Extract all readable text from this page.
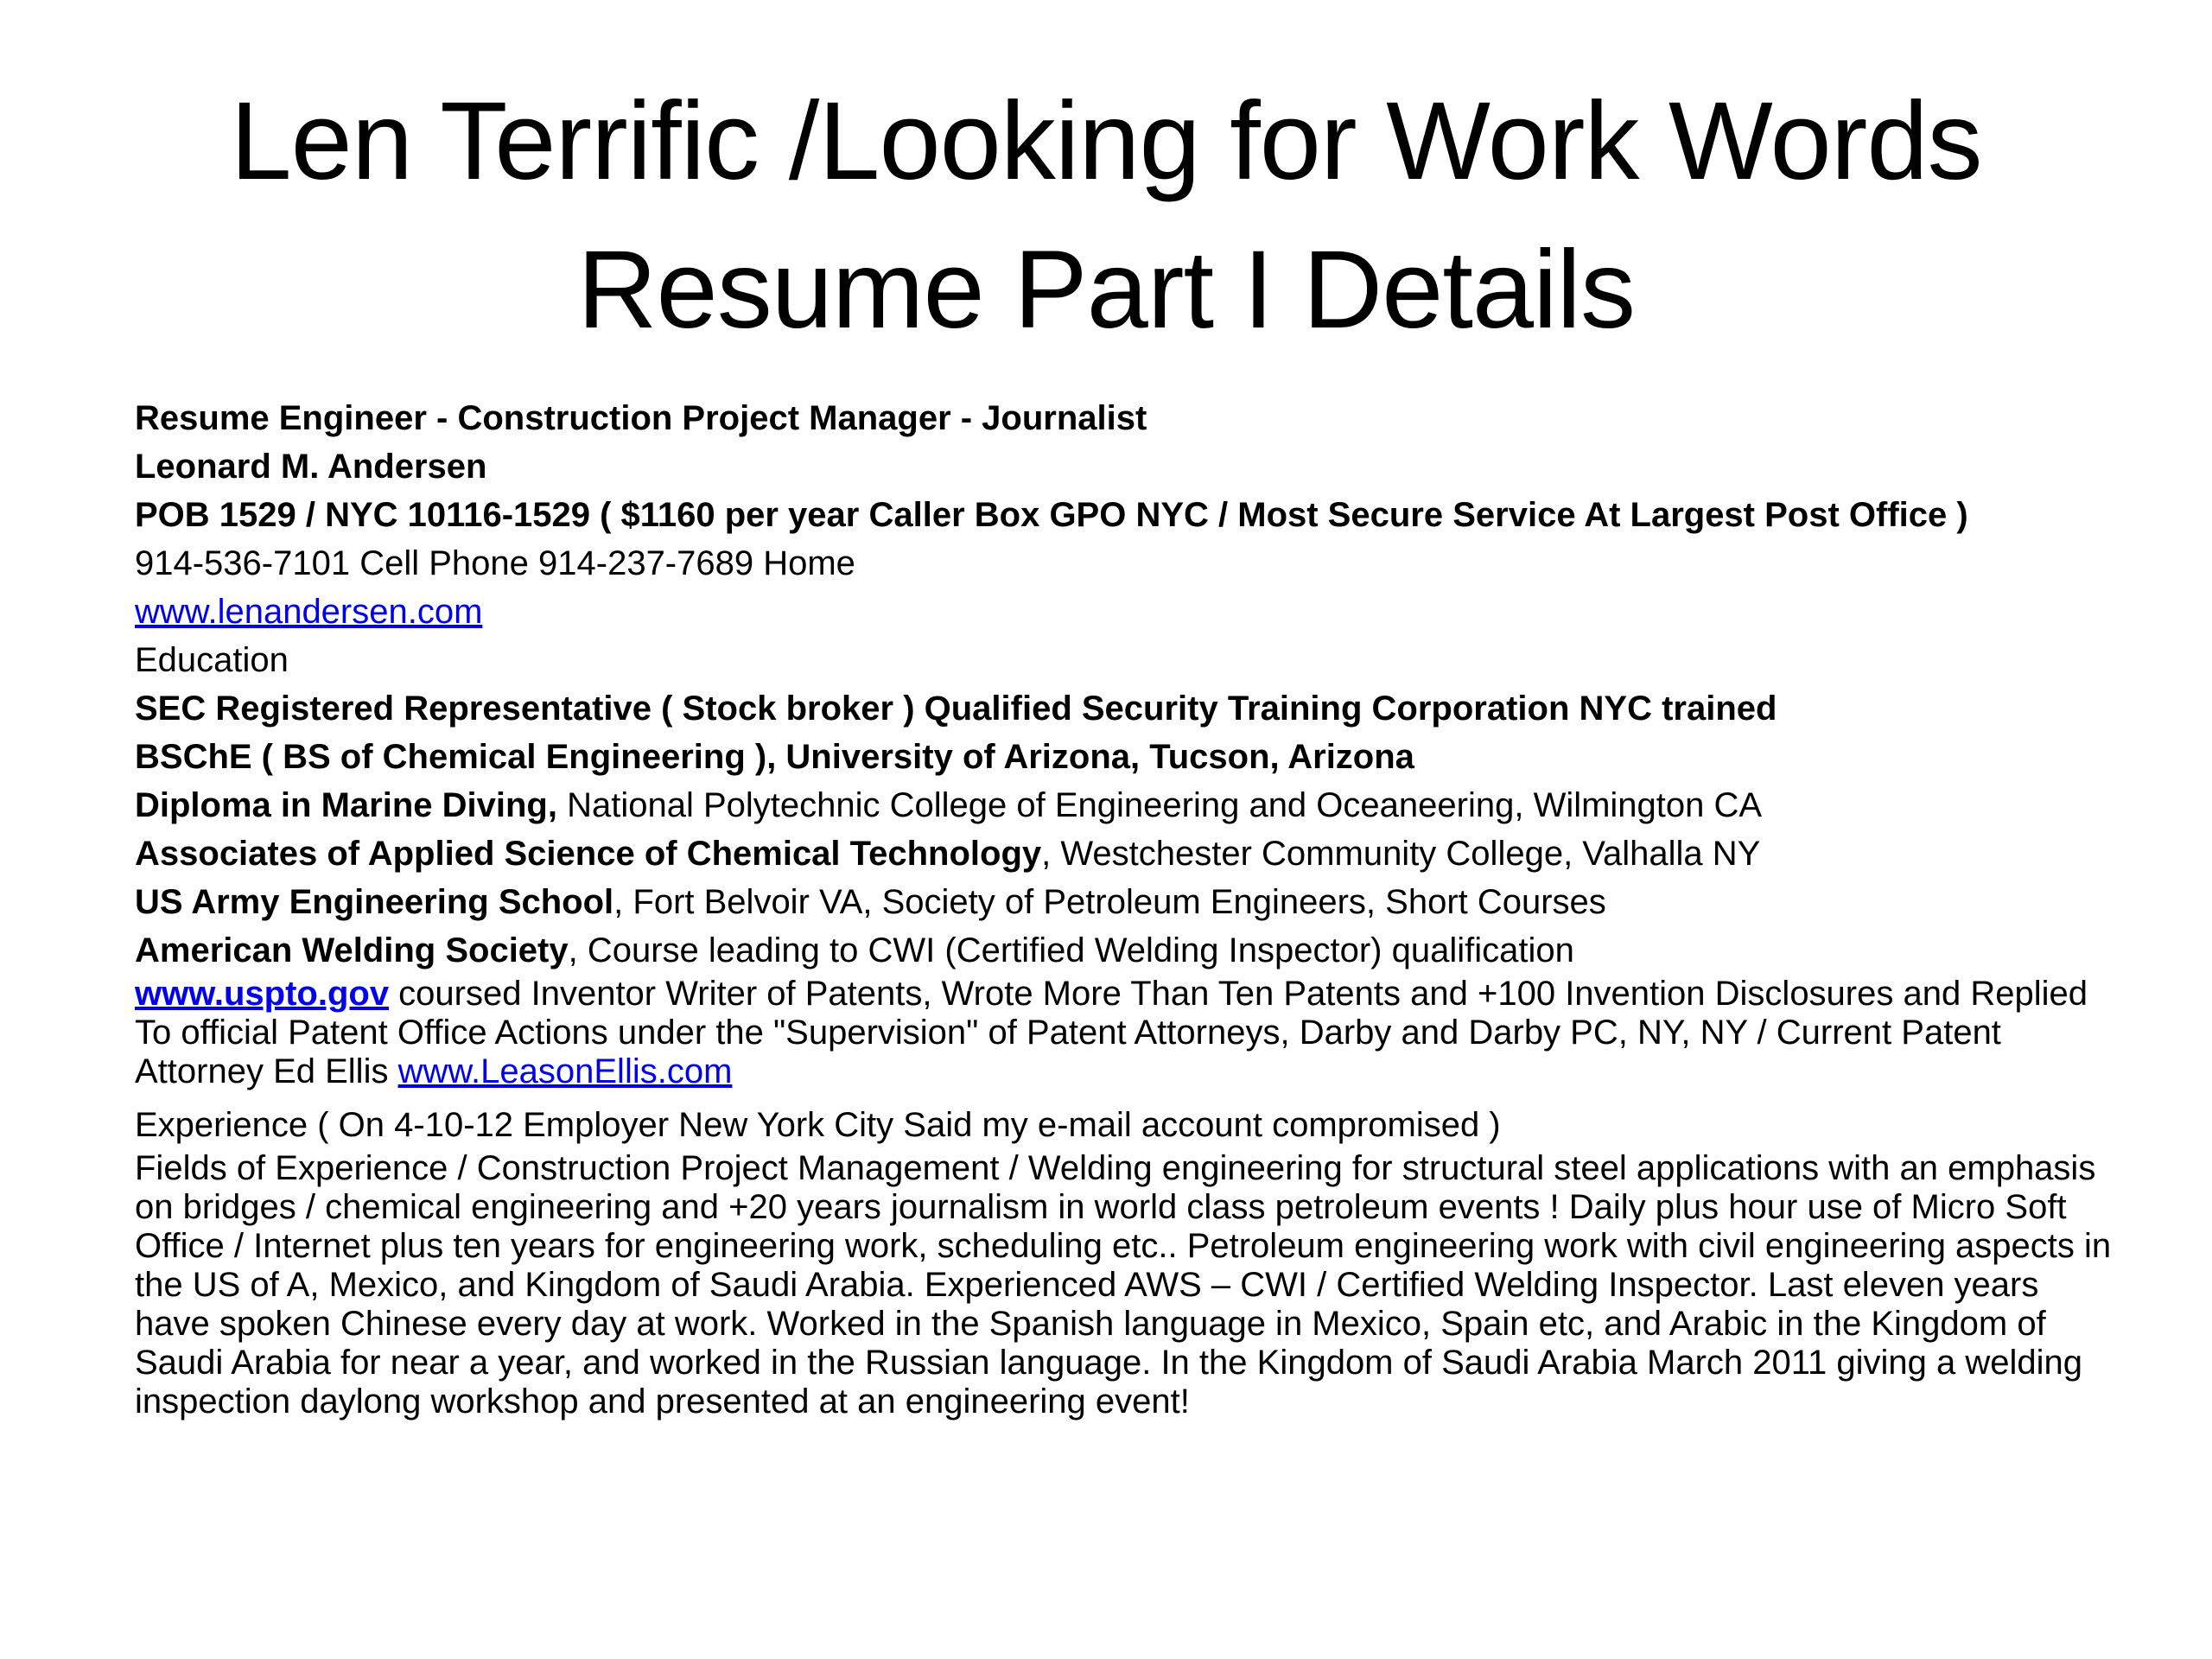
Len Terrific /Looking for Work Words
Resume Part I Details
Resume Engineer - Construction Project Manager - Journalist
Leonard M. Andersen
POB 1529 / NYC 10116-1529 ( $1160 per year Caller Box GPO NYC / Most Secure Service At Largest Post Office )
914-536-7101 Cell Phone 914-237-7689 Home
www.lenandersen.com
Education
SEC Registered Representative ( Stock broker ) Qualified Security Training Corporation NYC trained
BSChE ( BS of Chemical Engineering ), University of Arizona, Tucson, Arizona
Diploma in Marine Diving, National Polytechnic College of Engineering and Oceaneering, Wilmington CA
Associates of Applied Science of Chemical Technology, Westchester Community College, Valhalla NY
US Army Engineering School, Fort Belvoir VA, Society of Petroleum Engineers, Short Courses
American Welding Society, Course leading to CWI (Certified Welding Inspector) qualification
www.uspto.gov coursed Inventor Writer of Patents, Wrote More Than Ten Patents and +100 Invention Disclosures and Replied To official Patent Office Actions under the "Supervision" of Patent Attorneys, Darby and Darby PC, NY, NY / Current Patent Attorney Ed Ellis www.LeasonEllis.com
Experience ( On 4-10-12 Employer New York City Said my e-mail account compromised )
Fields of Experience / Construction Project Management / Welding engineering for structural steel applications with an emphasis on bridges / chemical engineering and +20 years journalism in world class petroleum events ! Daily plus hour use of Micro Soft Office / Internet plus ten years for engineering work, scheduling etc.. Petroleum engineering work with civil engineering aspects in the US of A, Mexico, and Kingdom of Saudi Arabia. Experienced AWS – CWI / Certified Welding Inspector. Last eleven years have spoken Chinese every day at work. Worked in the Spanish language in Mexico, Spain etc, and Arabic in the Kingdom of Saudi Arabia for near a year, and worked in the Russian language. In the Kingdom of Saudi Arabia March 2011 giving a welding inspection daylong workshop and presented at an engineering event!
